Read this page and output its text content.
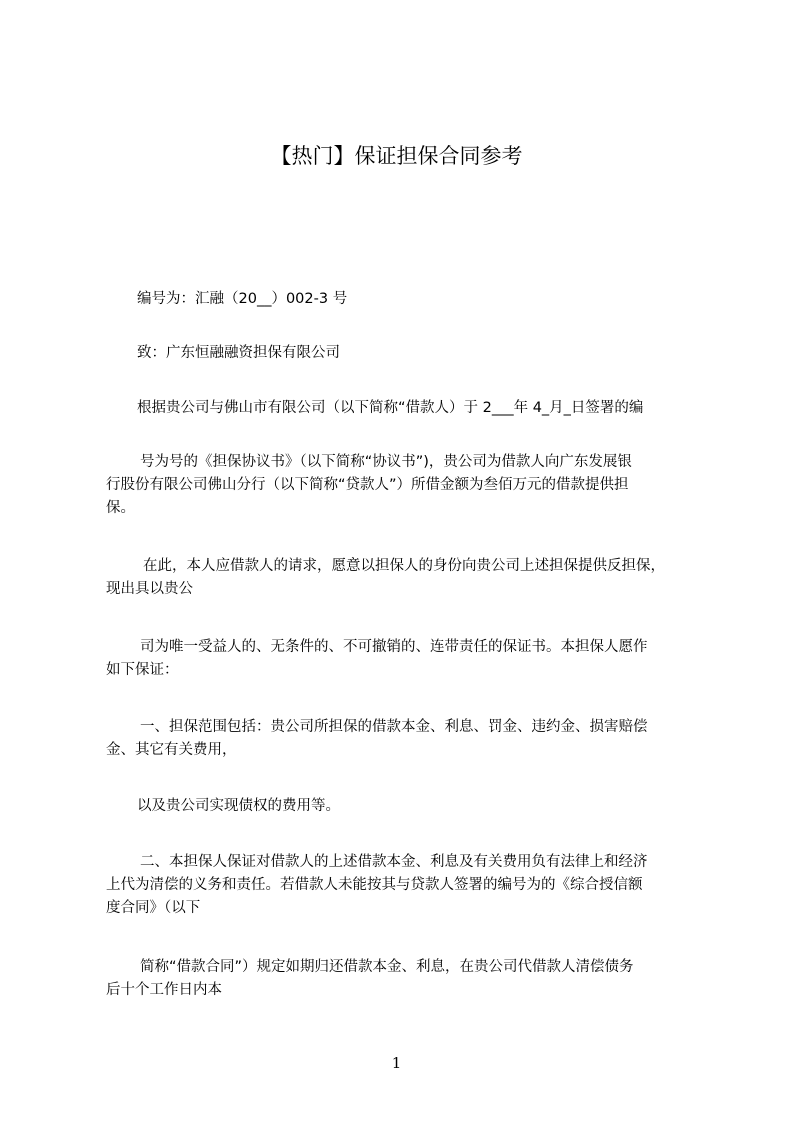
【热门】保证担保合同参考
编号为：汇融（20__）002-3 号
致：广东恒融融资担保有限公司
根据贵公司与佛山市有限公司（以下简称“借款人）于 2___年 4_月_日签署的编
号为号的《担保协议书》（以下简称“协议书”)，贵公司为借款人向广东发展银
行股份有限公司佛山分行（以下简称“贷款人”）所借金额为叁佰万元的借款提供担
保。
在此，本人应借款人的请求，愿意以担保人的身份向贵公司上述担保提供反担保，
现出具以贵公
司为唯一受益人的、无条件的、不可撤销的、连带责任的保证书。本担保人愿作
如下保证：
一、担保范围包括：贵公司所担保的借款本金、利息、罚金、违约金、损害赔偿
金、其它有关费用，
以及贵公司实现债权的费用等。
二、本担保人保证对借款人的上述借款本金、利息及有关费用负有法律上和经济
上代为清偿的义务和责任。若借款人未能按其与贷款人签署的编号为的《综合授信额
度合同》（以下
简称“借款合同”）规定如期归还借款本金、利息，在贵公司代借款人清偿债务
后十个工作日内本
1
